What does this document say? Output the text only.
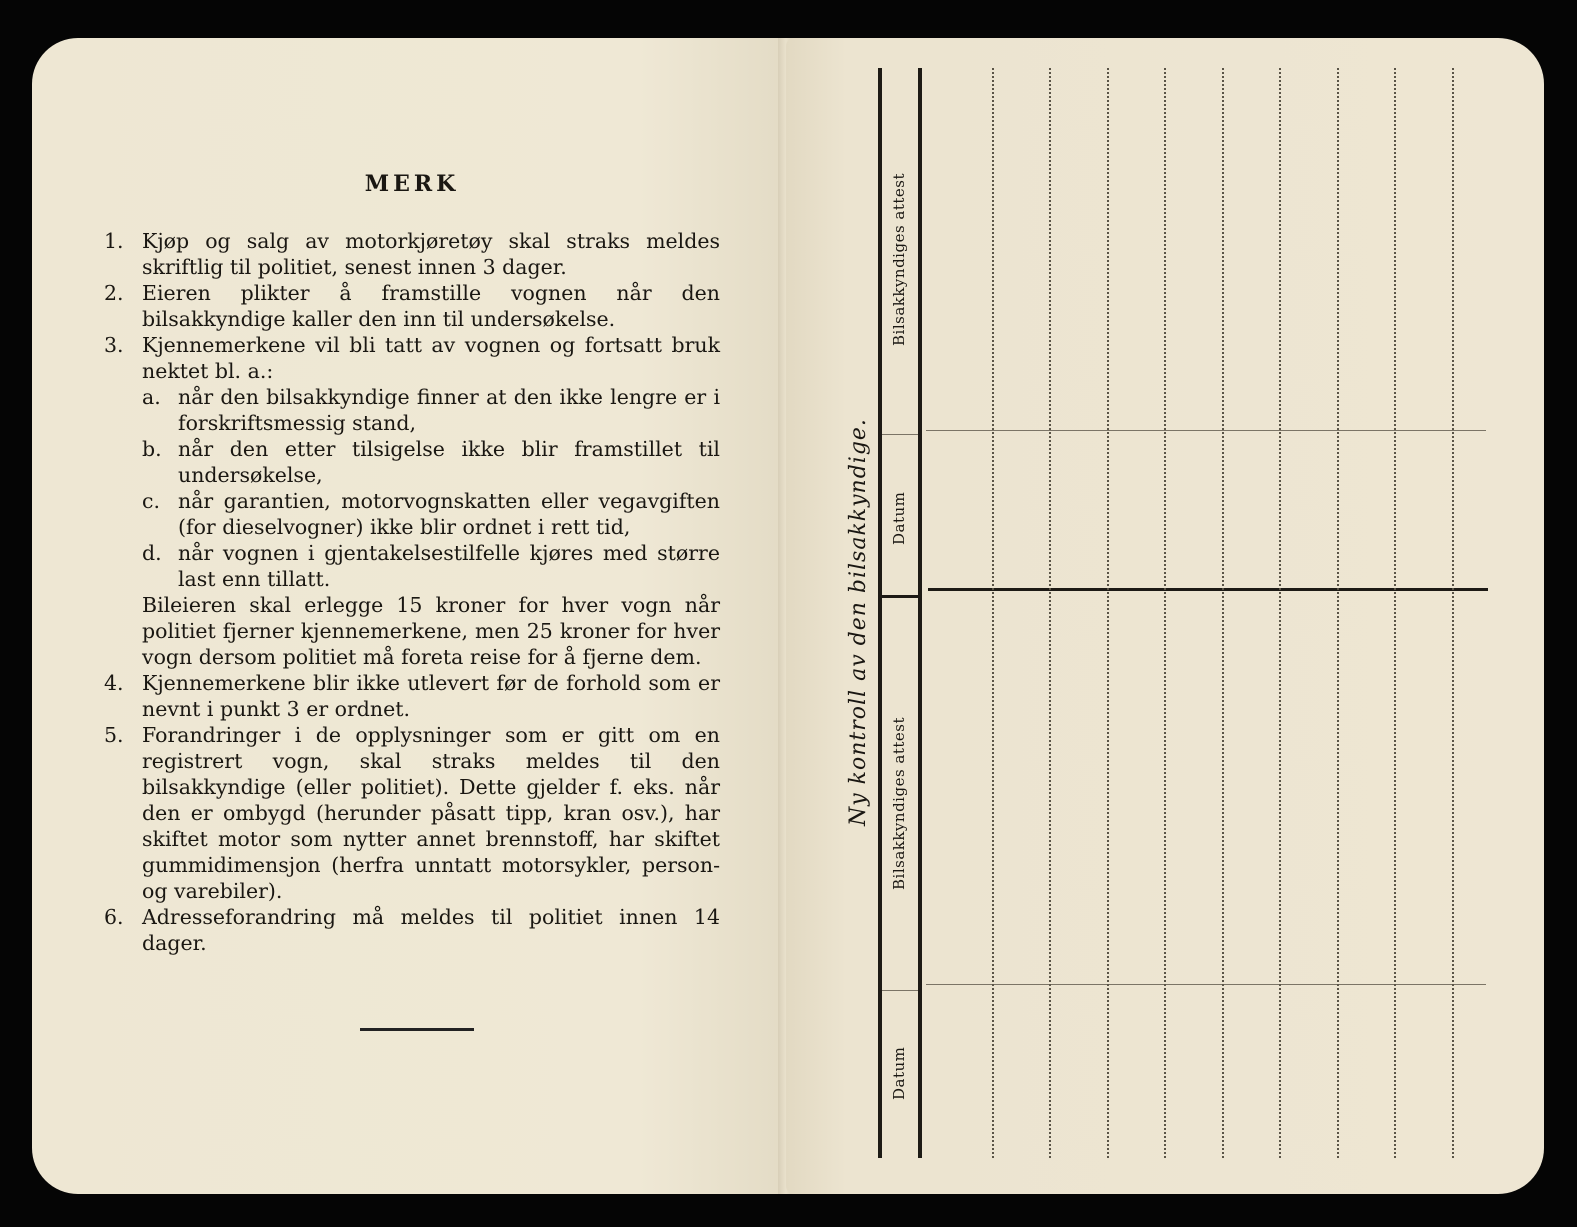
MERK
1. Kjøp og salg av motorkjøretøy skal straks meldes skriftlig til politiet, senest innen 3 dager.
2. Eieren plikter å framstille vognen når den bilsakkyndige kaller den inn til undersøkelse.
3. Kjennemerkene vil bli tatt av vognen og fortsatt bruk nektet bl. a.:
a. når den bilsakkyndige finner at den ikke lengre er i forskriftsmessig stand,
b. når den etter tilsigelse ikke blir framstillet til undersøkelse,
c. når garantien, motorvognskatten eller vegavgiften (for dieselvogner) ikke blir ordnet i rett tid,
d. når vognen i gjentakelsestilfelle kjøres med større last enn tillatt.
Bileieren skal erlegge 15 kroner for hver vogn når politiet fjerner kjennemerkene, men 25 kroner for hver vogn dersom politiet må foreta reise for å fjerne dem.
4. Kjennemerkene blir ikke utlevert før de forhold som er nevnt i punkt 3 er ordnet.
5. Forandringer i de opplysninger som er gitt om en registrert vogn, skal straks meldes til den bilsakkyndige (eller politiet). Dette gjelder f. eks. når den er ombygd (herunder påsatt tipp, kran osv.), har skiftet motor som nytter annet brennstoff, har skiftet gummidimensjon (herfra unntatt motorsykler, person- og varebiler).
6. Adresseforandring må meldes til politiet innen 14 dager.
Ny kontroll av den bilsakkyndige.
Bilsakkyndiges attest
Datum
Bilsakkyndiges attest
Datum
